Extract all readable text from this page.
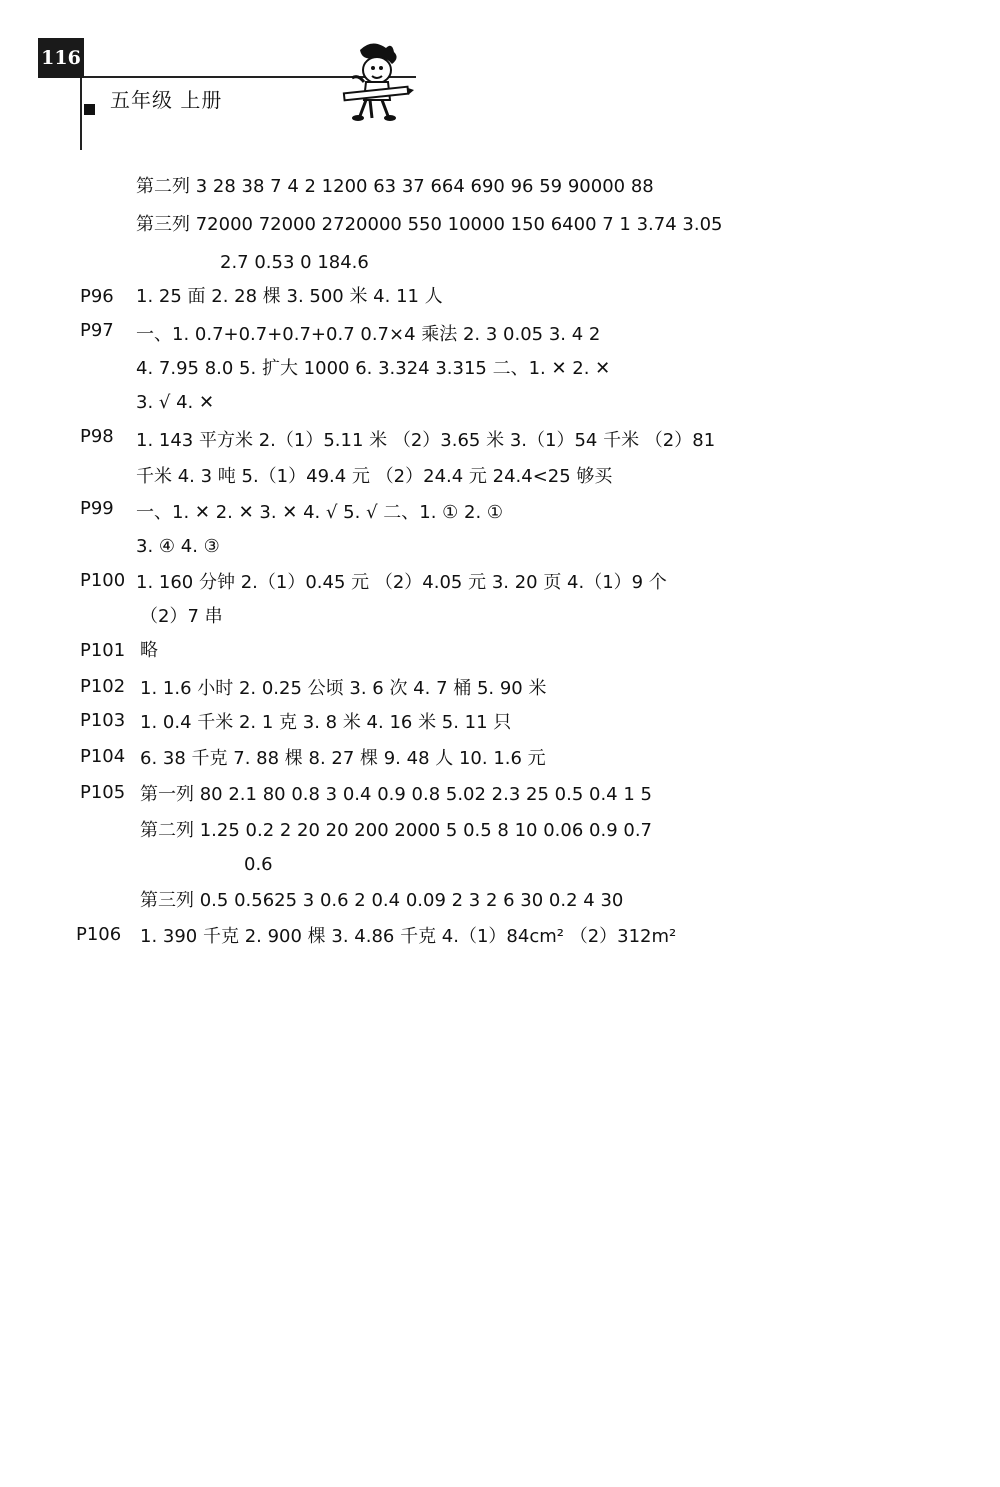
116
五年级 上册
第二列 3 28 38 7 4 2 1200 63 37 664 690 96 59 90000 88
第三列 72000 72000 2720000 550 10000 150 6400 7 1 3.74 3.05
2.7 0.53 0 184.6
P96 1. 25 面 2. 28 棵 3. 500 米 4. 11 人
P97 一、1. 0.7+0.7+0.7+0.7 0.7×4 乘法 2. 3 0.05 3. 4 2
4. 7.95 8.0 5. 扩大 1000 6. 3.324 3.315 二、1. ✕ 2. ✕
3. √ 4. ✕
P98 1. 143 平方米 2.（1）5.11 米 （2）3.65 米 3.（1）54 千米 （2）81
千米 4. 3 吨 5.（1）49.4 元 （2）24.4 元 24.4<25 够买
P99 一、1. ✕ 2. ✕ 3. ✕ 4. √ 5. √ 二、1. ① 2. ①
3. ④ 4. ③
P100 1. 160 分钟 2.（1）0.45 元 （2）4.05 元 3. 20 页 4.（1）9 个
（2）7 串
P101 略
P102 1. 1.6 小时 2. 0.25 公顷 3. 6 次 4. 7 桶 5. 90 米
P103 1. 0.4 千米 2. 1 克 3. 8 米 4. 16 米 5. 11 只
P104 6. 38 千克 7. 88 棵 8. 27 棵 9. 48 人 10. 1.6 元
P105 第一列 80 2.1 80 0.8 3 0.4 0.9 0.8 5.02 2.3 25 0.5 0.4 1 5
第二列 1.25 0.2 2 20 20 200 2000 5 0.5 8 10 0.06 0.9 0.7
0.6
第三列 0.5 0.5625 3 0.6 2 0.4 0.09 2 3 2 6 30 0.2 4 30
P106 1. 390 千克 2. 900 棵 3. 4.86 千克 4.（1）84cm² （2）312m²
